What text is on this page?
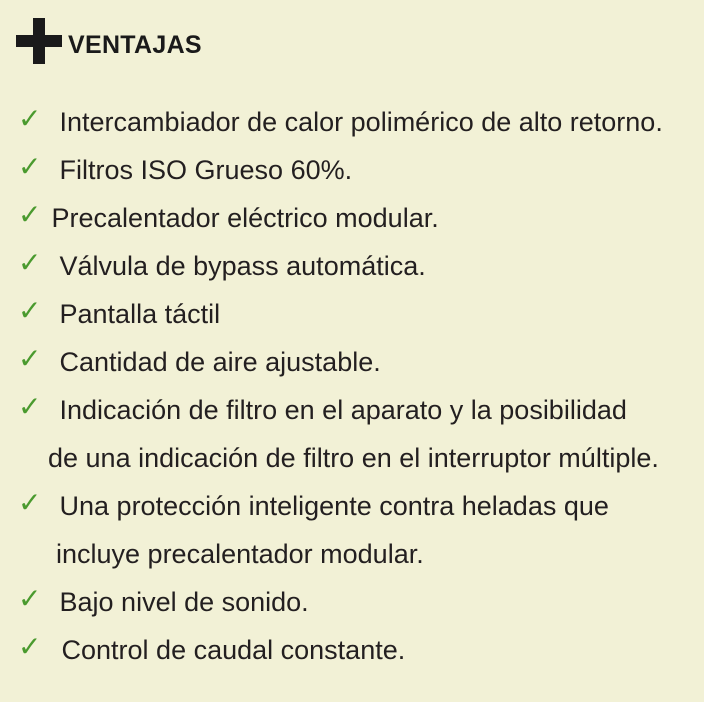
VENTAJAS
✓ Intercambiador de calor polimérico de alto retorno.
✓ Filtros ISO Grueso 60%.
✓ Precalentador eléctrico modular.
✓ Válvula de bypass automática.
✓ Pantalla táctil
✓ Cantidad de aire ajustable.
✓ Indicación de filtro en el aparato y la posibilidad
de una indicación de filtro en el interruptor múltiple.
✓ Una protección inteligente contra heladas que
incluye precalentador modular.
✓ Bajo nivel de sonido.
✓ Control de caudal constante.
